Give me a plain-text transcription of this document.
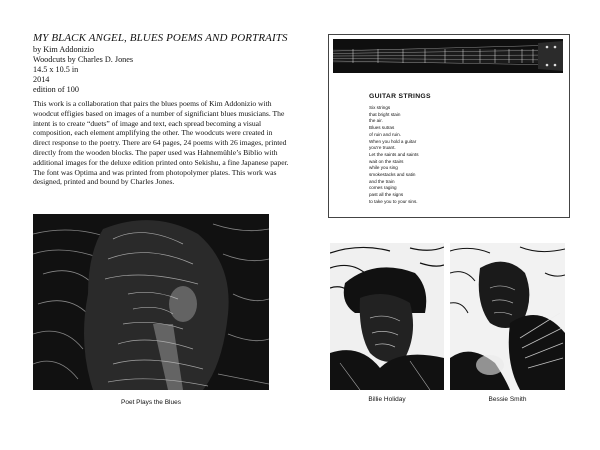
MY BLACK ANGEL, BLUES POEMS AND PORTRAITS
by Kim Addonizio
Woodcuts by Charles D. Jones
14.5 x 10.5 in
2014
edition of 100
This work is a collaboration that pairs the blues poems of Kim Addonizio with woodcut effigies based on images of a number of significiant blues musicians. The intent is to create “duets” of image and text, each spread becoming a visual composition, each element amplifying the other. The woodcuts were created in direct response to the poetry. There are 64 pages, 24 poems with 26 images, printed directly from the wooden blocks. The paper used was Hahnemühle’s Biblio with additional images for the deluxe edition printed onto Sekishu, a fine Japanese paper. The font was Optima and was printed from photopolymer plates. This work was designed, printed and bound by Charles Jones.
Poet Plays the Blues
GUITAR STRINGS
Six strings
that bright stain
the air.
Blues sutras
of ruin and ruin.
When you hold a guitar
you're truant.
Let the saints and saints
wait on the stairs
while you sing
smokestacks and satin
and the train
comes raging
past all the signs
to take you to your sins.
Billie Holiday	Bessie Smith
